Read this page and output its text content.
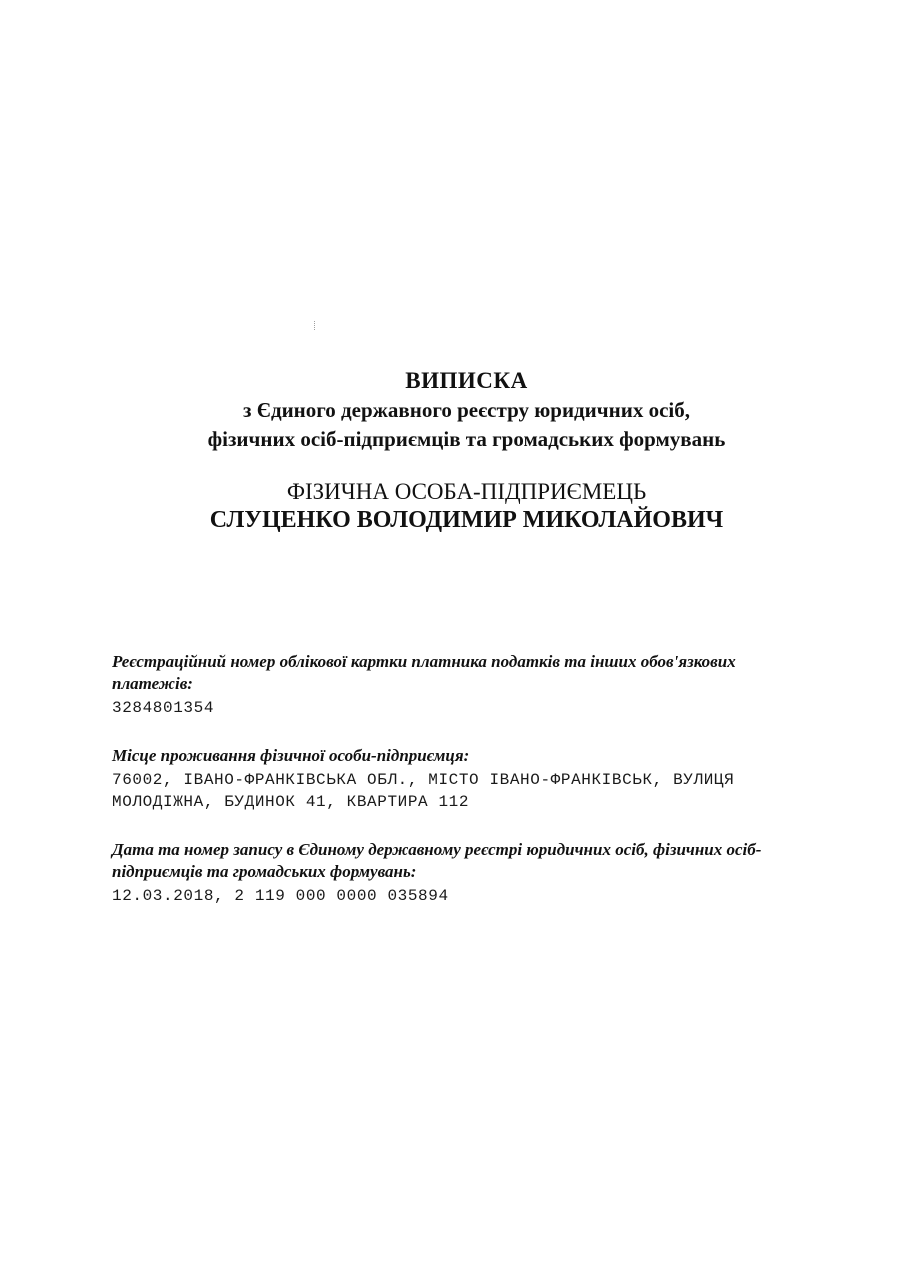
ВИПИСКА
з Єдиного державного реєстру юридичних осіб,
фізичних осіб-підприємців та громадських формувань
ФІЗИЧНА ОСОБА-ПІДПРИЄМЕЦЬ
СЛУЦЕНКО ВОЛОДИМИР МИКОЛАЙОВИЧ
Реєстраційний номер облікової картки платника податків та інших обов'язкових платежів:
3284801354
Місце проживання фізичної особи-підприємця:
76002, ІВАНО-ФРАНКІВСЬКА ОБЛ., МІСТО ІВАНО-ФРАНКІВСЬК, ВУЛИЦЯ МОЛОДІЖНА, БУДИНОК 41, КВАРТИРА 112
Дата та номер запису в Єдиному державному реєстрі юридичних осіб, фізичних осіб-підприємців та громадських формувань:
12.03.2018, 2 119 000 0000 035894
